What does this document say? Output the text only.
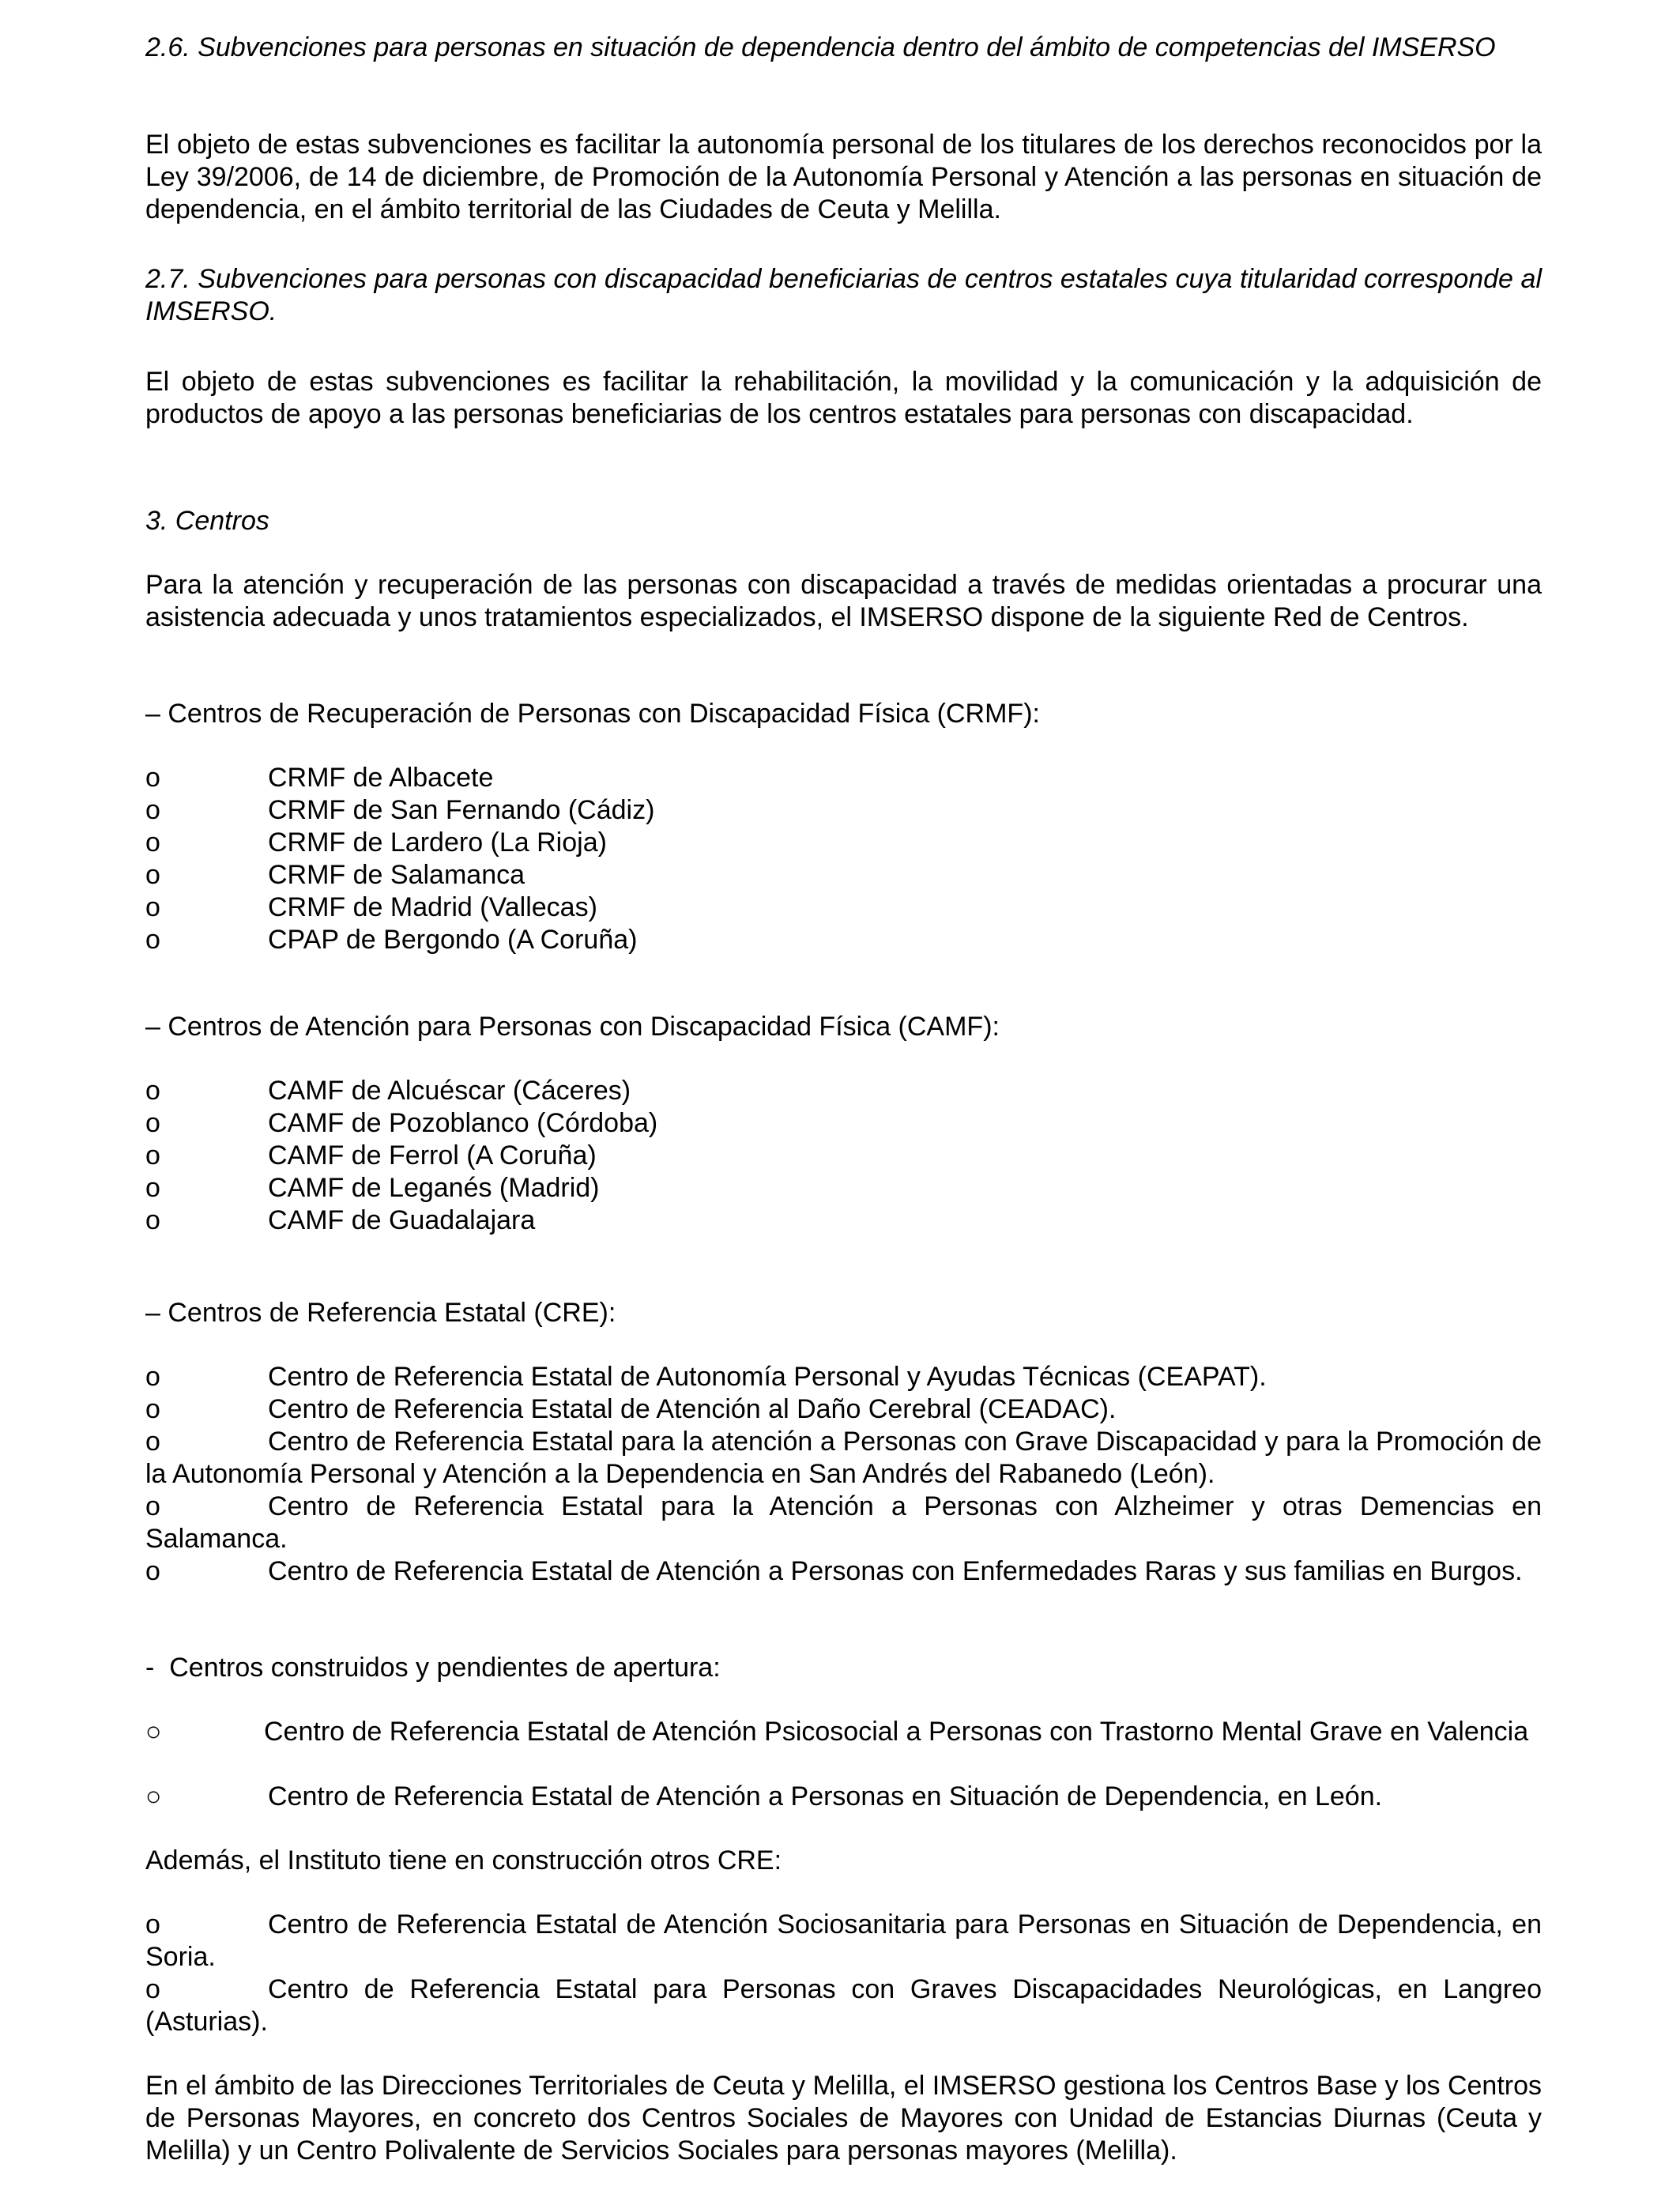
2.6. Subvenciones para personas en situación de dependencia dentro del ámbito de competencias del IMSERSO

El objeto de estas subvenciones es facilitar la autonomía personal de los titulares de los derechos reconocidos por la Ley 39/2006, de 14 de diciembre, de Promoción de la Autonomía Personal y Atención a las personas en situación de dependencia, en el ámbito territorial de las Ciudades de Ceuta y Melilla.

2.7. Subvenciones para personas con discapacidad beneficiarias de centros estatales cuya titularidad corresponde al IMSERSO.

El objeto de estas subvenciones es facilitar la rehabilitación, la movilidad y la comunicación y la adquisición de productos de apoyo a las personas beneficiarias de los centros estatales para personas con discapacidad.

3. Centros

Para la atención y recuperación de las personas con discapacidad a través de medidas orientadas a procurar una asistencia adecuada y unos tratamientos especializados, el IMSERSO dispone de la siguiente Red de Centros.

– Centros de Recuperación de Personas con Discapacidad Física (CRMF):

o	CRMF de Albacete
o	CRMF de San Fernando (Cádiz)
o	CRMF de Lardero (La Rioja)
o	CRMF de Salamanca
o	CRMF de Madrid (Vallecas)
o	CPAP de Bergondo (A Coruña)

– Centros de Atención para Personas con Discapacidad Física (CAMF):

o	CAMF de Alcuéscar (Cáceres)
o	CAMF de Pozoblanco (Córdoba)
o	CAMF de Ferrol (A Coruña)
o	CAMF de Leganés (Madrid)
o	CAMF de Guadalajara

– Centros de Referencia Estatal (CRE):

o	Centro de Referencia Estatal de Autonomía Personal y Ayudas Técnicas (CEAPAT).

o	Centro de Referencia Estatal de Atención al Daño Cerebral (CEADAC).

o	Centro de Referencia Estatal para la atención a Personas con Grave Discapacidad y para la Promoción de la Autonomía Personal y Atención a la Dependencia en San Andrés del Rabanedo (León).

o	Centro de Referencia Estatal para la Atención a Personas con Alzheimer y otras Demencias en Salamanca.

o	Centro de Referencia Estatal de Atención a Personas con Enfermedades Raras y sus familias en Burgos.

- Centros construidos y pendientes de apertura:

○	Centro de Referencia Estatal de Atención Psicosocial a Personas con Trastorno Mental Grave en Valencia

○	Centro de Referencia Estatal de Atención a Personas en Situación de Dependencia, en León.

Además, el Instituto tiene en construcción otros CRE:

o	Centro de Referencia Estatal de Atención Sociosanitaria para Personas en Situación de Dependencia, en Soria.

o	Centro de Referencia Estatal para Personas con Graves Discapacidades Neurológicas, en Langreo (Asturias).

En el ámbito de las Direcciones Territoriales de Ceuta y Melilla, el IMSERSO gestiona los Centros Base y los Centros de Personas Mayores, en concreto dos Centros Sociales de Mayores con Unidad de Estancias Diurnas (Ceuta y Melilla) y un Centro Polivalente de Servicios Sociales para personas mayores (Melilla).
